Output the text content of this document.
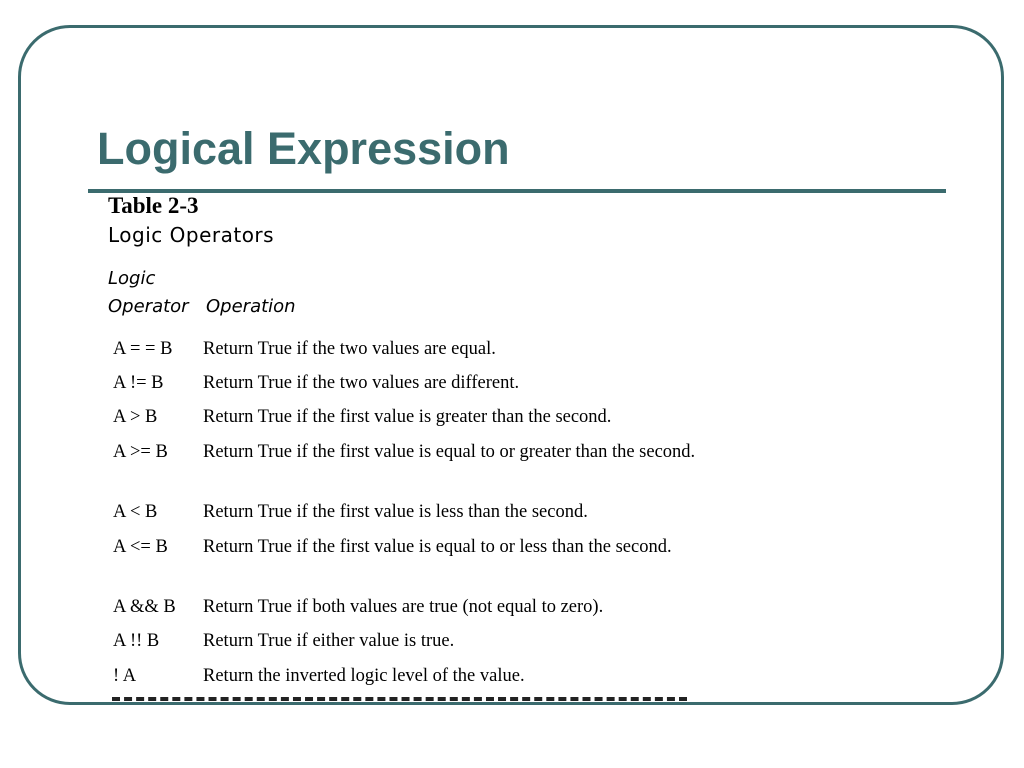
Logical Expression
Table 2-3
Logic Operators
Logic
Operator Operation
A = = B	Return True if the two values are equal.
A != B	Return True if the two values are different.
A > B	Return True if the first value is greater than the second.
A >= B	Return True if the first value is equal to or greater than the second.
A < B	Return True if the first value is less than the second.
A <= B	Return True if the first value is equal to or less than the second.
A && B	Return True if both values are true (not equal to zero).
A !! B	Return True if either value is true.
! A	Return the inverted logic level of the value.
